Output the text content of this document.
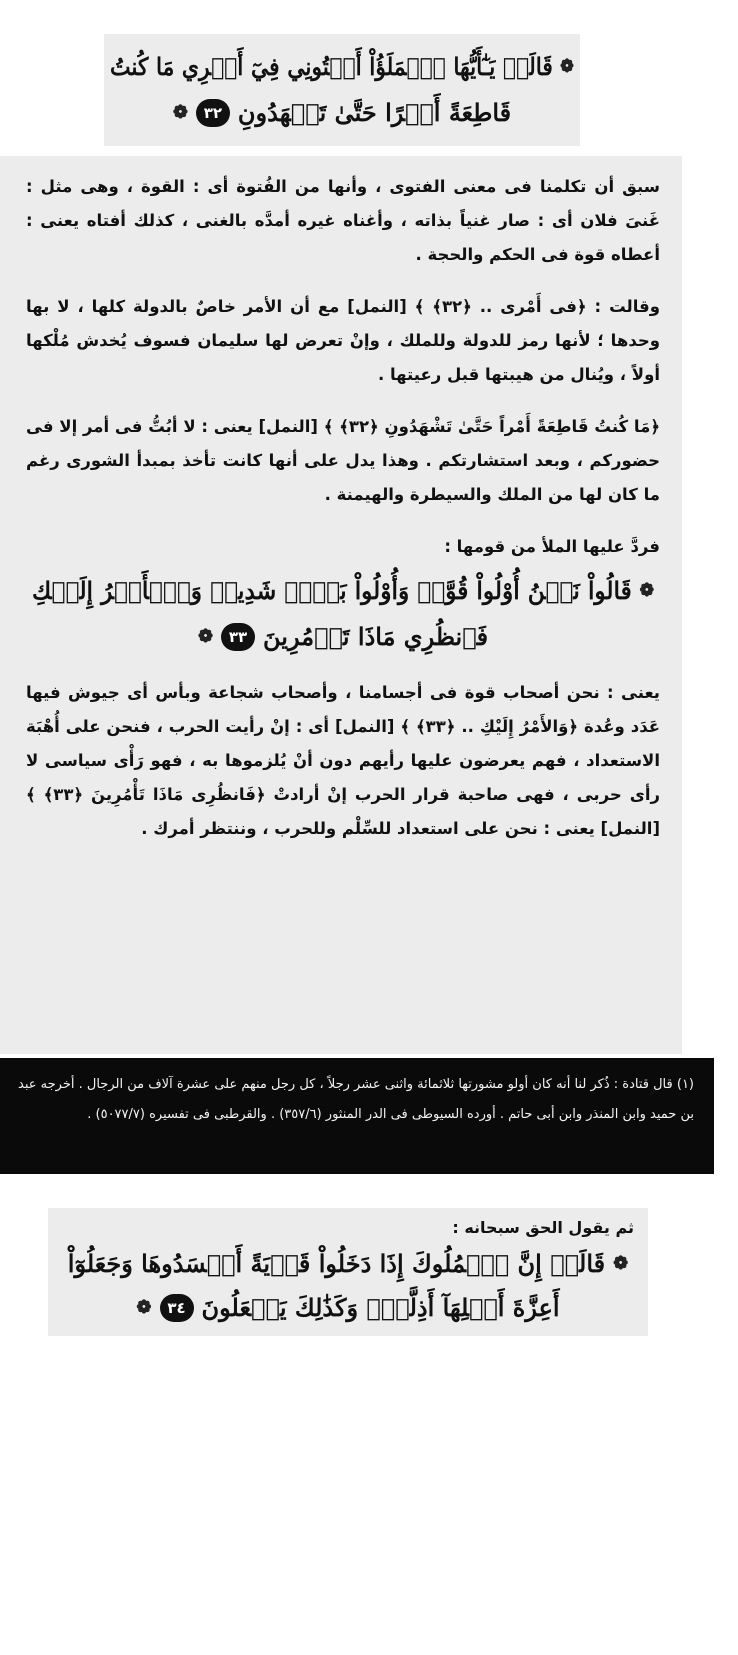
❁
قَالَتۡ يَـٰٓأَيُّهَا ٱلۡمَلَؤُاْ أَفۡتُونِي فِيٓ أَمۡرِي مَا كُنتُ
قَاطِعَةً أَمۡرًا حَتَّىٰ تَشۡهَدُونِ
٣٢
❁

سبق أن تكلمنا فى معنى الفتوى ، وأنها من الفُتوة أى : القوة ، وهى مثل : غَنىَ فلان أى : صار غنياً بذاته ، وأغناه غيره أمدَّه بالغنى ، كذلك أفتاه يعنى : أعطاه قوة فى الحكم والحجة .

وقالت : ﴿فى أَمْرى .. ﴿٣٢﴾ ﴾ [النمل] مع أن الأمر خاصٌ بالدولة كلها ، لا بها وحدها ؛ لأنها رمز للدولة وللملك ، وإنْ تعرض لها سليمان فسوف يُخدش مُلْكها أولاً ، ويُنال من هيبتها قبل رعيتها .

﴿مَا كُنتُ قَاطِعَةً أَمْراً حَتَّىٰ تَشْهَدُونِ ﴿٣٢﴾ ﴾ [النمل] يعنى : لا أبُتُّ فى أمر إلا فى حضوركم ، وبعد استشارتكم . وهذا يدل على أنها كانت تأخذ بمبدأ الشورى رغم ما كان لها من الملك والسيطرة والهيمنة .

فردَّ عليها الملأ من قومها :

❁
قَالُواْ نَحۡنُ أُوْلُواْ قُوَّةٖ وَأُوْلُواْ بَأۡسٖ شَدِيدٖ وَٱلۡأَمۡرُ إِلَيۡكِ
فَٱنظُرِي مَاذَا تَأۡمُرِينَ
٣٣
❁

يعنى : نحن أصحاب قوة فى أجسامنا ، وأصحاب شجاعة وبأس أى جيوش فيها عَدَد وعُدة ﴿وَالأَمْرُ إِلَيْكِ .. ﴿٣٣﴾ ﴾ [النمل] أى : إنْ رأيت الحرب ، فنحن على أُهْبَة الاستعداد ، فهم يعرضون عليها رأيهم دون أنْ يُلزموها به ، فهو رَأْى سياسى لا رأى حربى ، فهى صاحبة قرار الحرب إنْ أرادتْ ﴿فَانظُرِى مَاذَا تَأْمُرِينَ ﴿٣٣﴾ ﴾ [النمل] يعنى : نحن على استعداد للسِّلْم وللحرب ، وننتظر أمرك .

(١) قال قتادة : ذُكر لنا أنه كان أولو مشورتها ثلاثمائة واثنى عشر رجلاً ، كل رجل منهم على عشرة آلاف من الرجال . أخرجه عبد بن حميد وابن المنذر وابن أبى حاتم . أورده السيوطى فى الدر المنثور (٣٥٧/٦) . والقرطبى فى تفسيره (٥٠٧٧/٧) .
ثم يقول الحق سبحانه :
❁
قَالَتۡ إِنَّ ٱلۡمُلُوكَ إِذَا دَخَلُواْ قَرۡيَةً أَفۡسَدُوهَا وَجَعَلُوٓاْ
أَعِزَّةَ أَهۡلِهَآ أَذِلَّةٗۚ وَكَذَٰلِكَ يَفۡعَلُونَ
٣٤
❁
